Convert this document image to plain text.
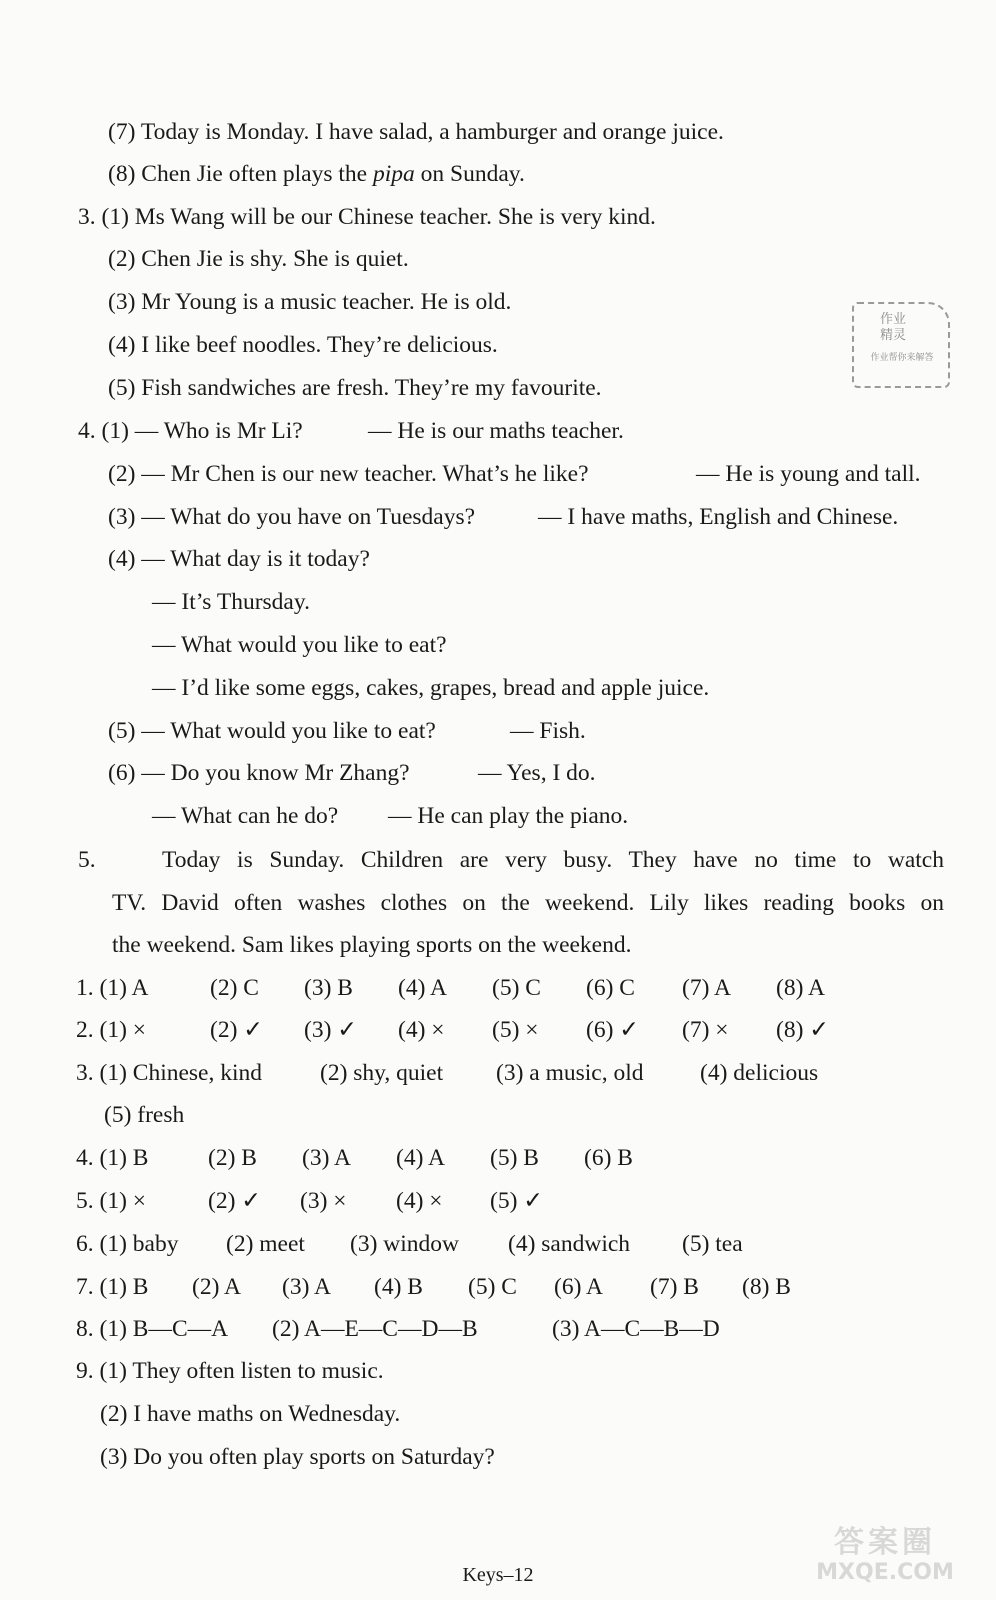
(7) Today is Monday. I have salad, a hamburger and orange juice.
(8) Chen Jie often plays the pipa on Sunday.
3. (1) Ms Wang will be our Chinese teacher. She is very kind.
(2) Chen Jie is shy. She is quiet.
(3) Mr Young is a music teacher. He is old.
(4) I like beef noodles. They’re delicious.
(5) Fish sandwiches are fresh. They’re my favourite.
4. (1) — Who is Mr Li?	— He is our maths teacher.
(2) — Mr Chen is our new teacher. What’s he like?	— He is young and tall.
(3) — What do you have on Tuesdays?	— I have maths, English and Chinese.
(4) — What day is it today?
— It’s Thursday.
— What would you like to eat?
— I’d like some eggs, cakes, grapes, bread and apple juice.
(5) — What would you like to eat?	— Fish.
(6) — Do you know Mr Zhang?	— Yes, I do.
— What can he do? — He can play the piano.
5.	Today is Sunday. Children are very busy. They have no time to watch
TV. David often washes clothes on the weekend. Lily likes reading books on
the weekend. Sam likes playing sports on the weekend.
1. (1) A	(2) C (3) B (4) A (5) C (6) C (7) A (8) A
2. (1) ×	(2) ✓ (3) ✓ (4) × (5) × (6) ✓ (7) × (8) ✓
3. (1) Chinese, kind (2) shy, quiet (3) a music, old (4) delicious
(5) fresh
4. (1) B	(2) B (3) A (4) A (5) B (6) B
5. (1) ×	(2) ✓ (3) × (4) × (5) ✓
6. (1) baby (2) meet (3) window (4) sandwich (5) tea
7. (1) B (2) A (3) A (4) B (5) C (6) A (7) B (8) B
8. (1) B—C—A (2) A—E—C—D—B	(3) A—C—B—D
9. (1) They often listen to music.
(2) I have maths on Wednesday.
(3) Do you often play sports on Saturday?
作业
精灵
作业帮你来解答
答案圈
MXQE.COM
Keys–12
